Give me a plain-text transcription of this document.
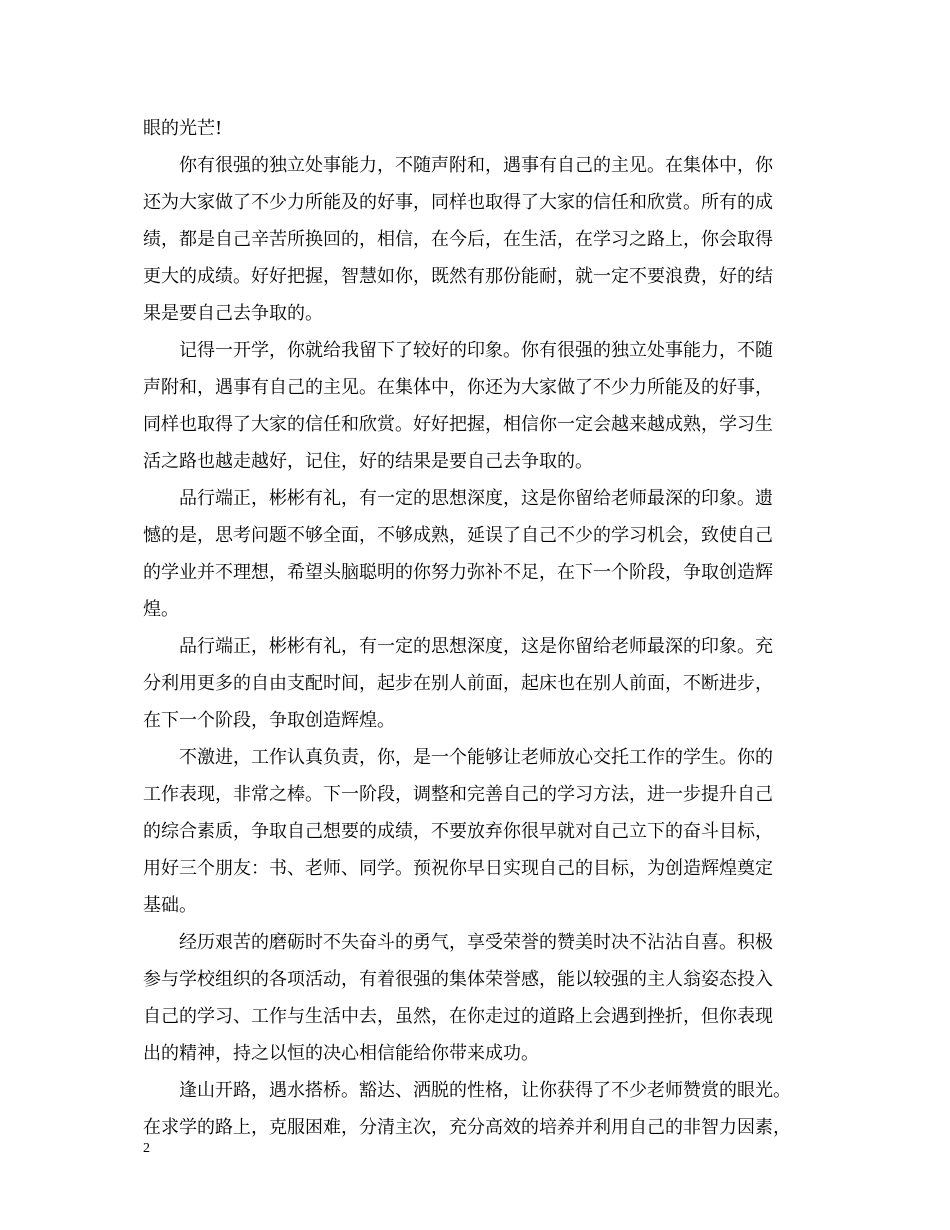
眼的光芒!
你有很强的独立处事能力，不随声附和，遇事有自己的主见。在集体中，你
还为大家做了不少力所能及的好事，同样也取得了大家的信任和欣赏。所有的成
绩，都是自己辛苦所换回的，相信，在今后，在生活，在学习之路上，你会取得
更大的成绩。好好把握，智慧如你，既然有那份能耐，就一定不要浪费，好的结
果是要自己去争取的。
记得一开学，你就给我留下了较好的印象。你有很强的独立处事能力，不随
声附和，遇事有自己的主见。在集体中，你还为大家做了不少力所能及的好事，
同样也取得了大家的信任和欣赏。好好把握，相信你一定会越来越成熟，学习生
活之路也越走越好，记住，好的结果是要自己去争取的。
品行端正，彬彬有礼，有一定的思想深度，这是你留给老师最深的印象。遗
憾的是，思考问题不够全面，不够成熟，延误了自己不少的学习机会，致使自己
的学业并不理想，希望头脑聪明的你努力弥补不足，在下一个阶段，争取创造辉
煌。
品行端正，彬彬有礼，有一定的思想深度，这是你留给老师最深的印象。充
分利用更多的自由支配时间，起步在别人前面，起床也在别人前面，不断进步，
在下一个阶段，争取创造辉煌。
不激进，工作认真负责，你，是一个能够让老师放心交托工作的学生。你的
工作表现，非常之棒。下一阶段，调整和完善自己的学习方法，进一步提升自己
的综合素质，争取自己想要的成绩，不要放弃你很早就对自己立下的奋斗目标，
用好三个朋友：书、老师、同学。预祝你早日实现自己的目标，为创造辉煌奠定
基础。
经历艰苦的磨砺时不失奋斗的勇气，享受荣誉的赞美时决不沾沾自喜。积极
参与学校组织的各项活动，有着很强的集体荣誉感，能以较强的主人翁姿态投入
自己的学习、工作与生活中去，虽然，在你走过的道路上会遇到挫折，但你表现
出的精神，持之以恒的决心相信能给你带来成功。
逢山开路，遇水搭桥。豁达、洒脱的性格，让你获得了不少老师赞赏的眼光。
在求学的路上，克服困难，分清主次，充分高效的培养并利用自己的非智力因素，
2
